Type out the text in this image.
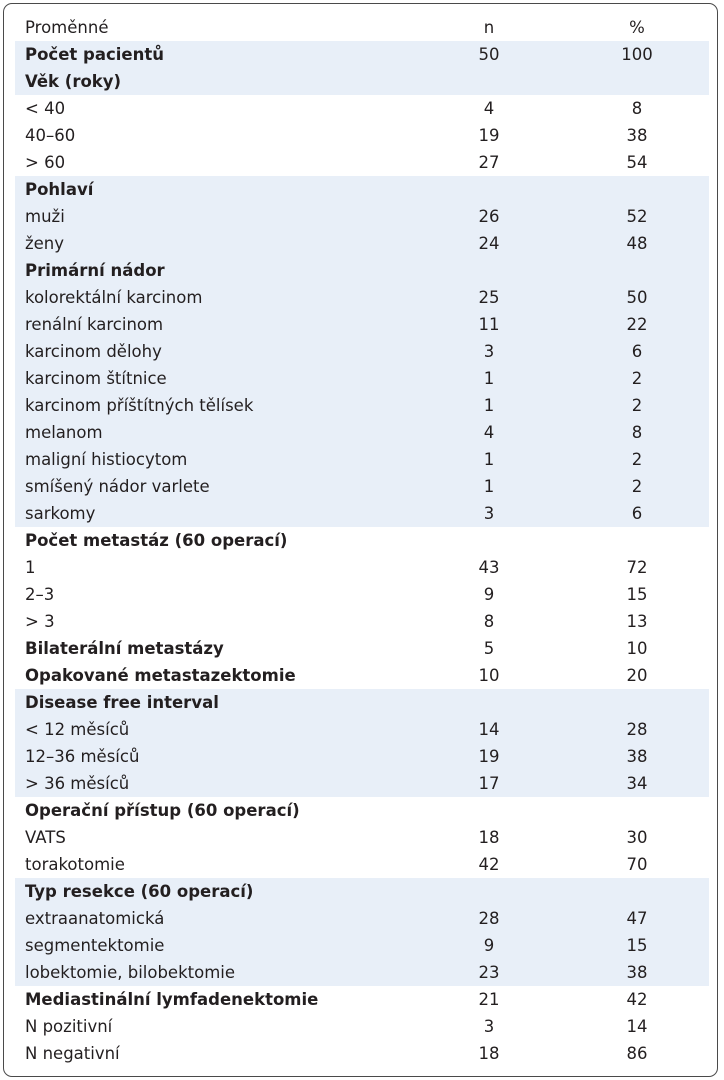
Proměnné	n	%
Počet pacientů	50	100
Věk (roky)
< 40	4	8
40–60	19	38
> 60	27	54
Pohlaví
muži	26	52
ženy	24	48
Primární nádor
kolorektální karcinom	25	50
renální karcinom	11	22
karcinom dělohy	3	6
karcinom štítnice	1	2
karcinom příštítných tělísek	1	2
melanom	4	8
maligní histiocytom	1	2
smíšený nádor varlete	1	2
sarkomy	3	6
Počet metastáz (60 operací)
1	43	72
2–3	9	15
> 3	8	13
Bilaterální metastázy	5	10
Opakované metastazektomie	10	20
Disease free interval
< 12 měsíců	14	28
12–36 měsíců	19	38
> 36 měsíců	17	34
Operační přístup (60 operací)
VATS	18	30
torakotomie	42	70
Typ resekce (60 operací)
extraanatomická	28	47
segmentektomie	9	15
lobektomie, bilobektomie	23	38
Mediastinální lymfadenektomie	21	42
N pozitivní	3	14
N negativní	18	86
